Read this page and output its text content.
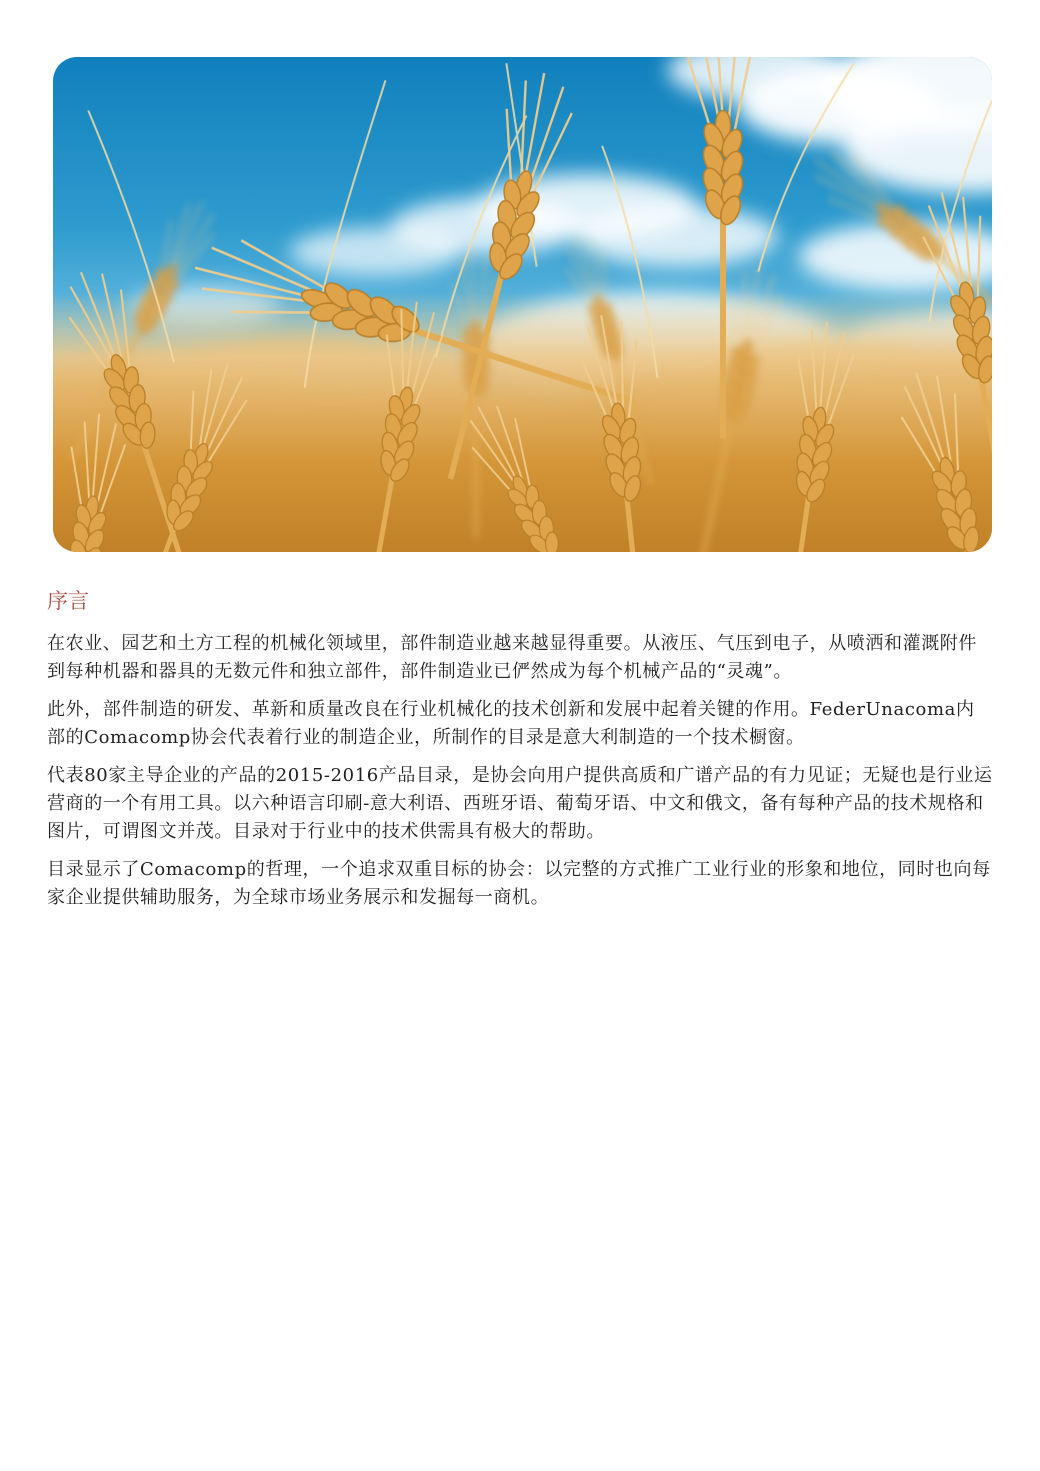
序言

在农业、园艺和土方工程的机械化领域里，部件制造业越来越显得重要。从液压、气压到电子，从喷洒和灌溉附件到每种机器和器具的无数元件和独立部件，部件制造业已俨然成为每个机械产品的“灵魂”。

此外，部件制造的研发、革新和质量改良在行业机械化的技术创新和发展中起着关键的作用。FederUnacoma内部的Comacomp协会代表着行业的制造企业，所制作的目录是意大利制造的一个技术橱窗。

代表80家主导企业的产品的2015-2016产品目录，是协会向用户提供高质和广谱产品的有力见证；无疑也是行业运营商的一个有用工具。以六种语言印刷-意大利语、西班牙语、葡萄牙语、中文和俄文，备有每种产品的技术规格和图片，可谓图文并茂。目录对于行业中的技术供需具有极大的帮助。

目录显示了Comacomp的哲理，一个追求双重目标的协会：以完整的方式推广工业行业的形象和地位，同时也向每家企业提供辅助服务，为全球市场业务展示和发掘每一商机。
